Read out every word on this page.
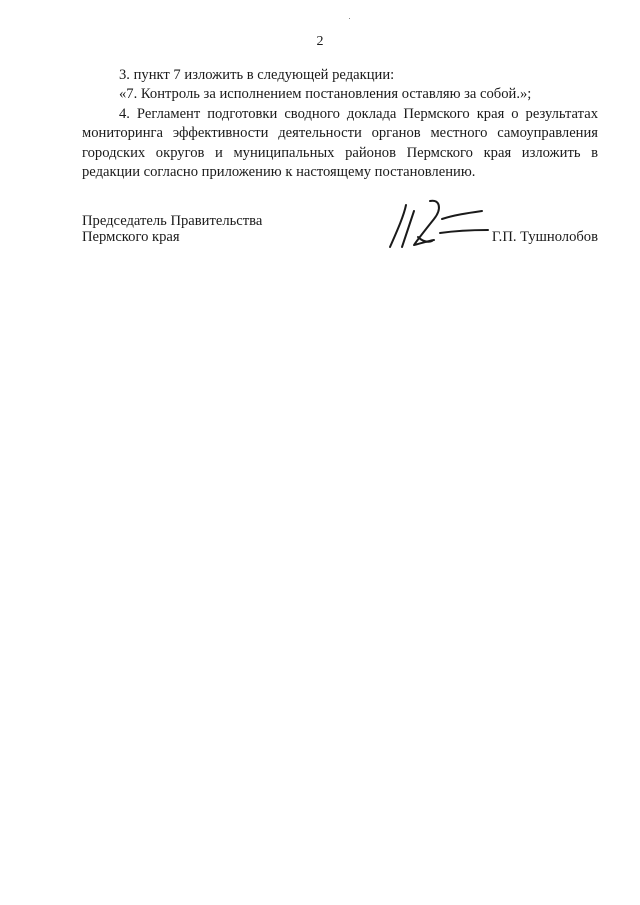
2

3. пункт 7 изложить в следующей редакции:

«7. Контроль за исполнением постановления оставляю за собой.»;

4. Регламент подготовки сводного доклада Пермского края о результатах мониторинга эффективности деятельности органов местного самоуправления городских округов и муниципальных районов Пермского края изложить в редакции согласно приложению к настоящему постановлению.

Председатель Правительства
Пермского края	Г.П. Тушнолобов
